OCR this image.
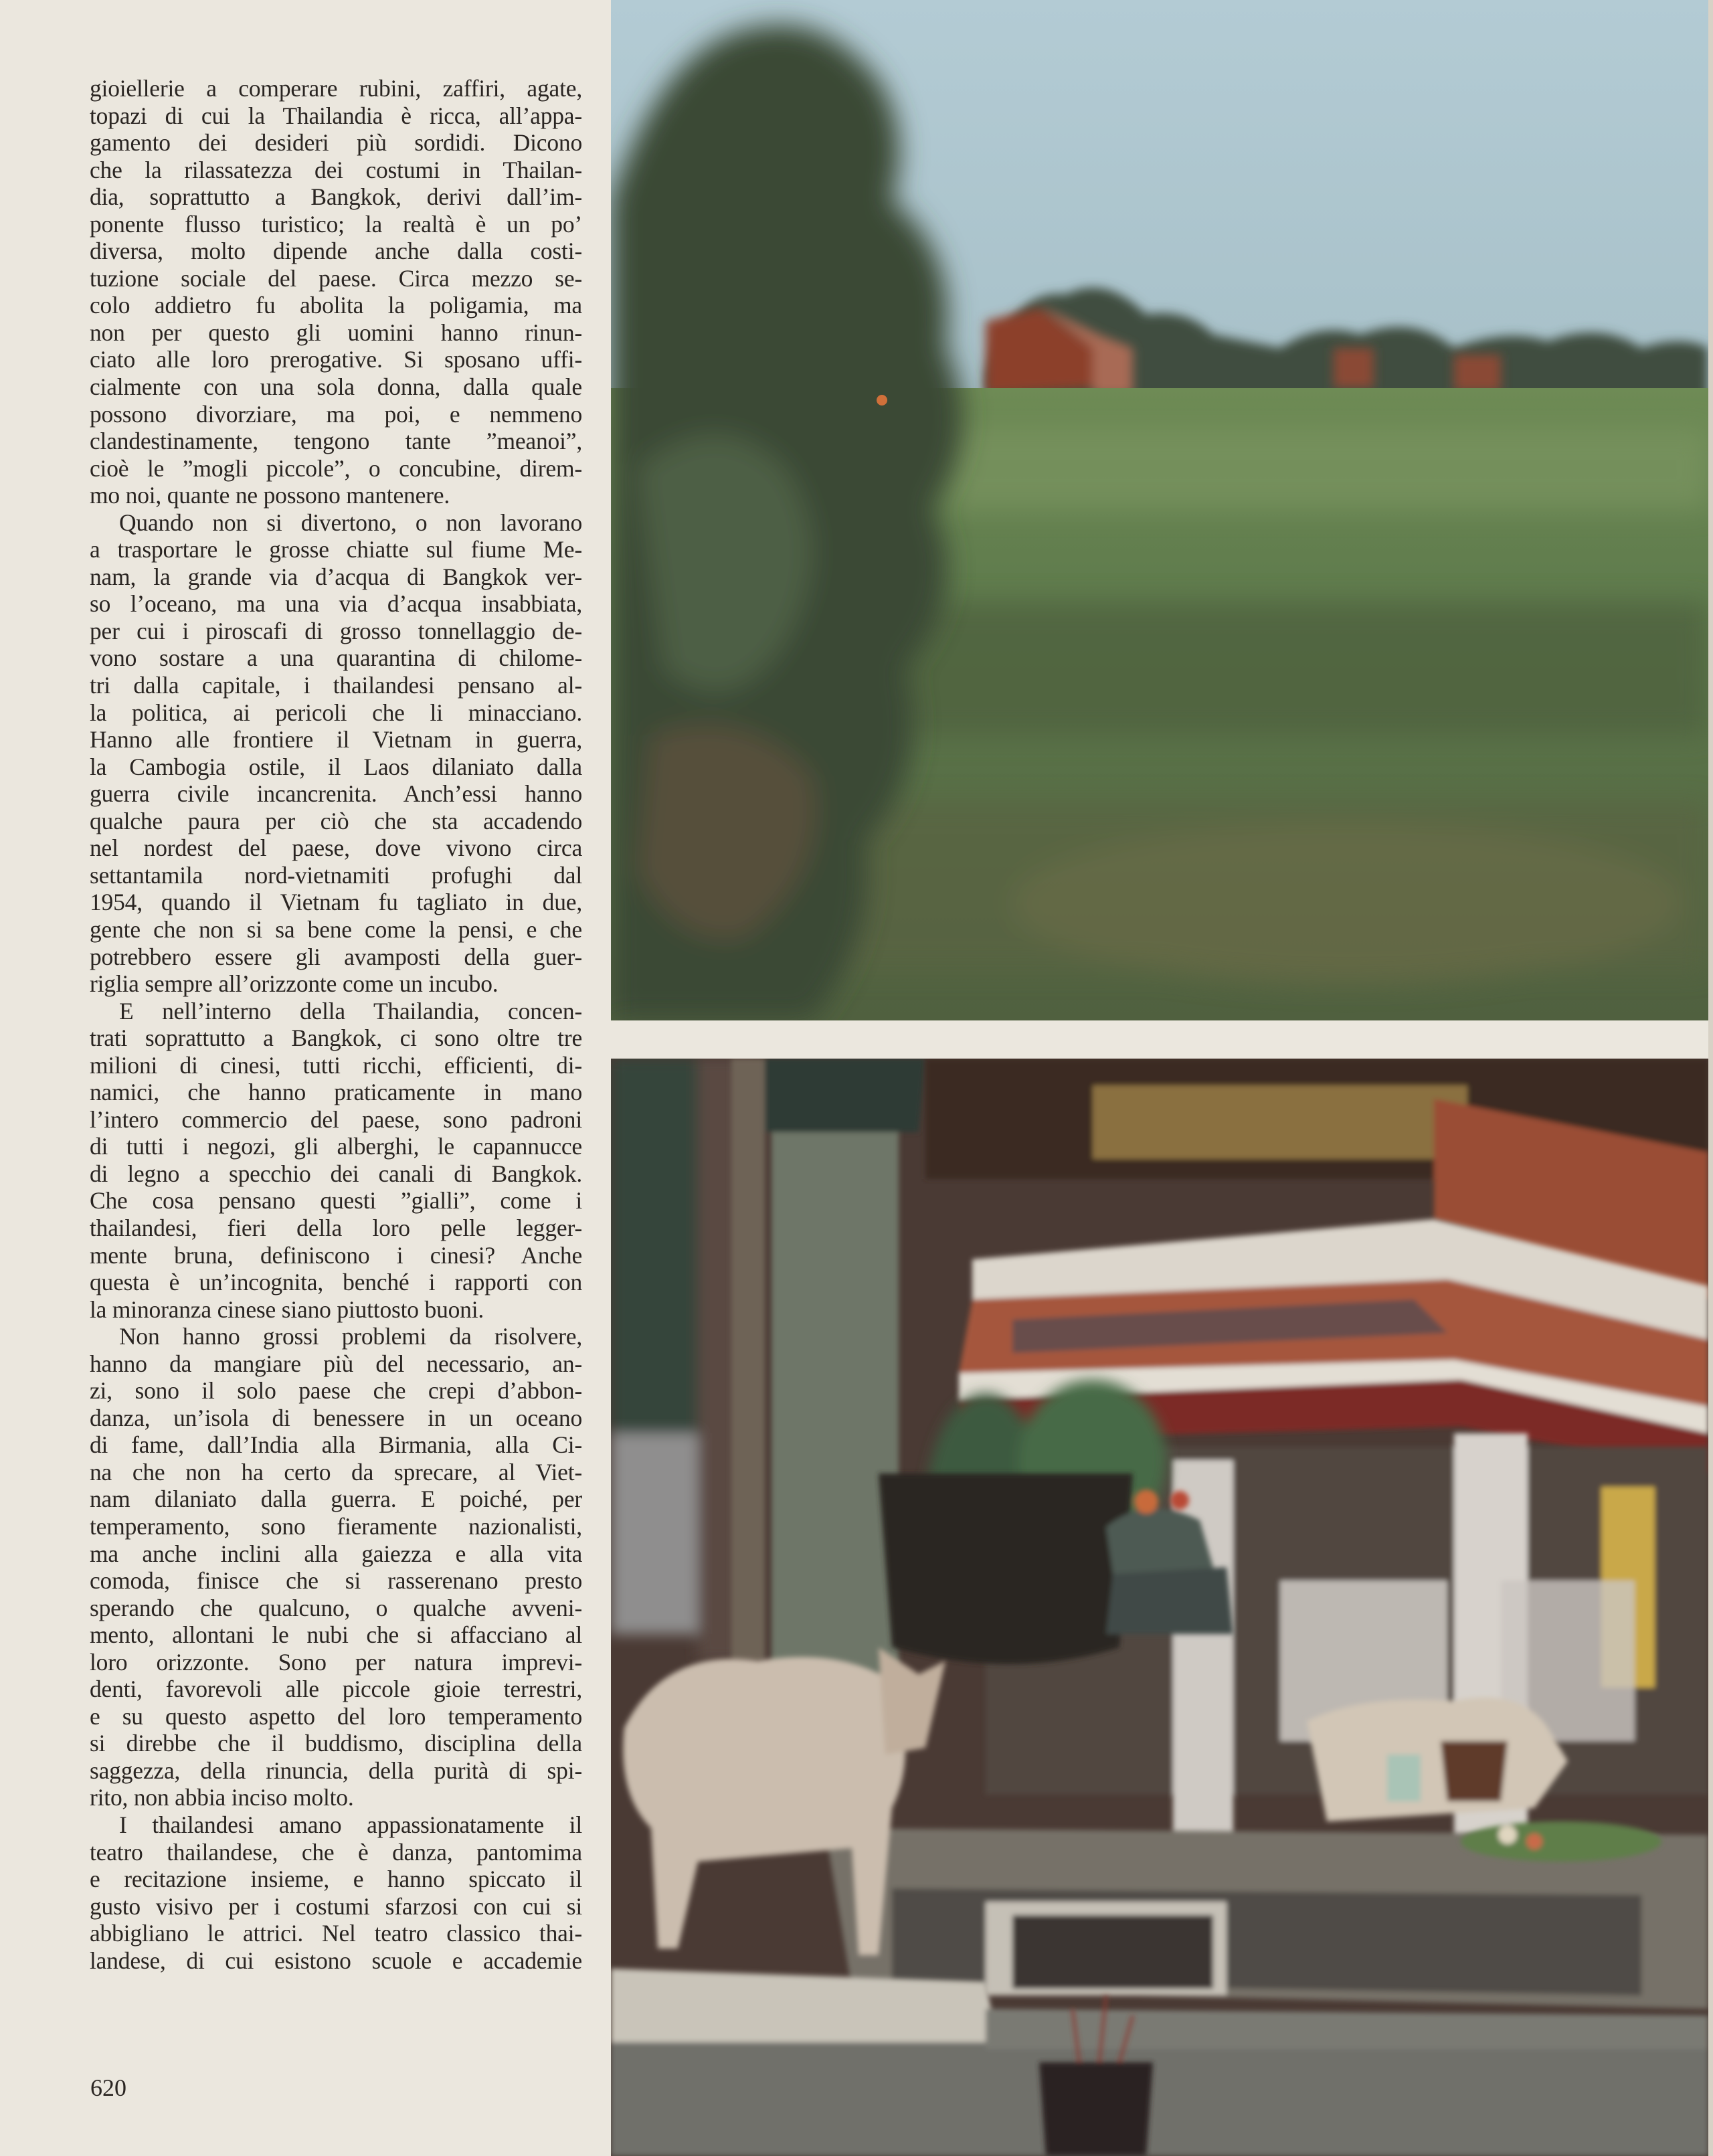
gioiellerie a comperare rubini, zaffiri, agate,
topazi di cui la Thailandia è ricca, all’appa-
gamento dei desideri più sordidi. Dicono
che la rilassatezza dei costumi in Thailan-
dia, soprattutto a Bangkok, derivi dall’im-
ponente flusso turistico; la realtà è un po’
diversa, molto dipende anche dalla costi-
tuzione sociale del paese. Circa mezzo se-
colo addietro fu abolita la poligamia, ma
non per questo gli uomini hanno rinun-
ciato alle loro prerogative. Si sposano uffi-
cialmente con una sola donna, dalla quale
possono divorziare, ma poi, e nemmeno
clandestinamente, tengono tante ”meanoi”,
cioè le ”mogli piccole”, o concubine, direm-
mo noi, quante ne possono mantenere.
Quando non si divertono, o non lavorano
a trasportare le grosse chiatte sul fiume Me-
nam, la grande via d’acqua di Bangkok ver-
so l’oceano, ma una via d’acqua insabbiata,
per cui i piroscafi di grosso tonnellaggio de-
vono sostare a una quarantina di chilome-
tri dalla capitale, i thailandesi pensano al-
la politica, ai pericoli che li minacciano.
Hanno alle frontiere il Vietnam in guerra,
la Cambogia ostile, il Laos dilaniato dalla
guerra civile incancrenita. Anch’essi hanno
qualche paura per ciò che sta accadendo
nel nordest del paese, dove vivono circa
settantamila nord-vietnamiti profughi dal
1954, quando il Vietnam fu tagliato in due,
gente che non si sa bene come la pensi, e che
potrebbero essere gli avamposti della guer-
riglia sempre all’orizzonte come un incubo.
E nell’interno della Thailandia, concen-
trati soprattutto a Bangkok, ci sono oltre tre
milioni di cinesi, tutti ricchi, efficienti, di-
namici, che hanno praticamente in mano
l’intero commercio del paese, sono padroni
di tutti i negozi, gli alberghi, le capannucce
di legno a specchio dei canali di Bangkok.
Che cosa pensano questi ”gialli”, come i
thailandesi, fieri della loro pelle legger-
mente bruna, definiscono i cinesi? Anche
questa è un’incognita, benché i rapporti con
la minoranza cinese siano piuttosto buoni.
Non hanno grossi problemi da risolvere,
hanno da mangiare più del necessario, an-
zi, sono il solo paese che crepi d’abbon-
danza, un’isola di benessere in un oceano
di fame, dall’India alla Birmania, alla Ci-
na che non ha certo da sprecare, al Viet-
nam dilaniato dalla guerra. E poiché, per
temperamento, sono fieramente nazionalisti,
ma anche inclini alla gaiezza e alla vita
comoda, finisce che si rasserenano presto
sperando che qualcuno, o qualche avveni-
mento, allontani le nubi che si affacciano al
loro orizzonte. Sono per natura imprevi-
denti, favorevoli alle piccole gioie terrestri,
e su questo aspetto del loro temperamento
si direbbe che il buddismo, disciplina della
saggezza, della rinuncia, della purità di spi-
rito, non abbia inciso molto.
I thailandesi amano appassionatamente il
teatro thailandese, che è danza, pantomima
e recitazione insieme, e hanno spiccato il
gusto visivo per i costumi sfarzosi con cui si
abbigliano le attrici. Nel teatro classico thai-
landese, di cui esistono scuole e accademie
620
